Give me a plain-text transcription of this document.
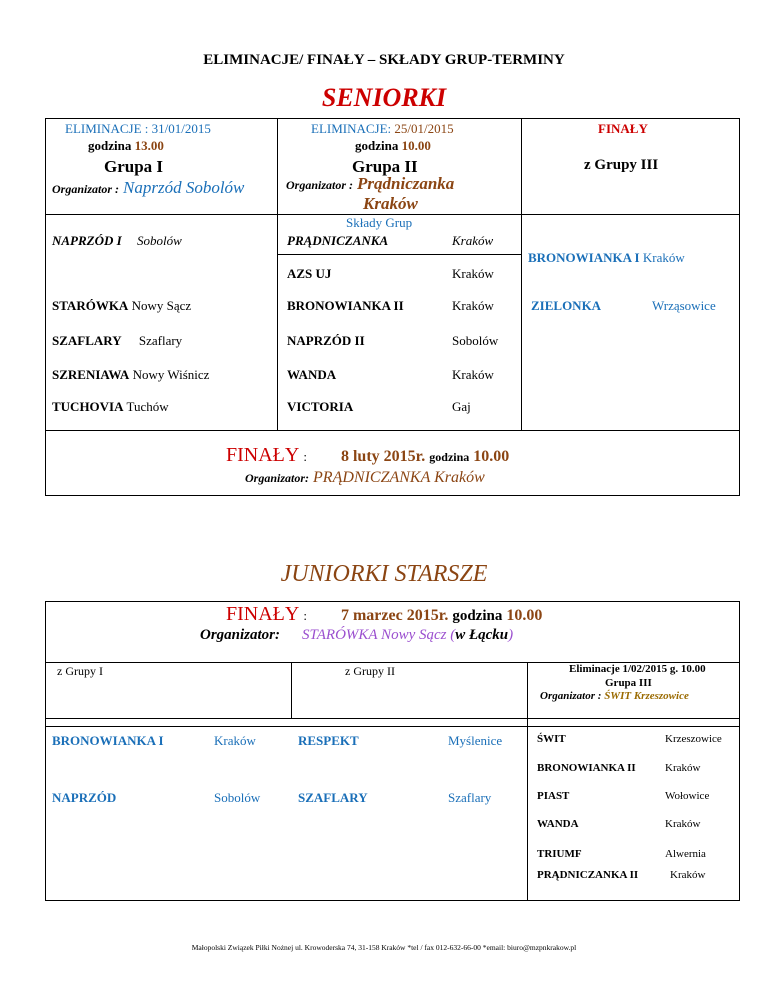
ELIMINACJE/ FINAŁY – SKŁADY GRUP-TERMINY
SENIORKI
ELIMINACJE : 31/01/2015
godzina 13.00
Grupa I
Organizator : Naprzód Sobolów
ELIMINACJE: 25/01/2015
godzina 10.00
Grupa II
Organizator : Prądniczanka
Kraków
FINAŁY
z Grupy III
Składy Grup
NAPRZÓD I Sobolów
STARÓWKA Nowy Sącz
SZAFLARY Szaflary
SZRENIAWA Nowy Wiśnicz
TUCHOVIA Tuchów
PRĄDNICZANKA	Kraków
AZS UJ	Kraków
BRONOWIANKA II	Kraków
NAPRZÓD II	Sobolów
WANDA	Kraków
VICTORIA	Gaj
BRONOWIANKA I Kraków
ZIELONKA	Wrząsowice
FINAŁY : 8 luty 2015r. godzina 10.00
Organizator: PRĄDNICZANKA Kraków
JUNIORKI STARSZE
FINAŁY : 7 marzec 2015r. godzina 10.00
Organizator: STARÓWKA Nowy Sącz (w Łącku)
z Grupy I	z Grupy II	Eliminacje 1/02/2015 g. 10.00
Grupa III
Organizator : ŚWIT Krzeszowice
BRONOWIANKA I	Kraków
NAPRZÓD	Sobolów
RESPEKT	Myślenice
SZAFLARY	Szaflary
ŚWIT	Krzeszowice
BRONOWIANKA II	Kraków
PIAST	Wołowice
WANDA	Kraków
TRIUMF	Alwernia
PRĄDNICZANKA II	Kraków
Małopolski Związek Piłki Nożnej ul. Krowoderska 74, 31-158 Kraków *tel / fax 012-632-66-00 *email: biuro@mzpnkrakow.pl
